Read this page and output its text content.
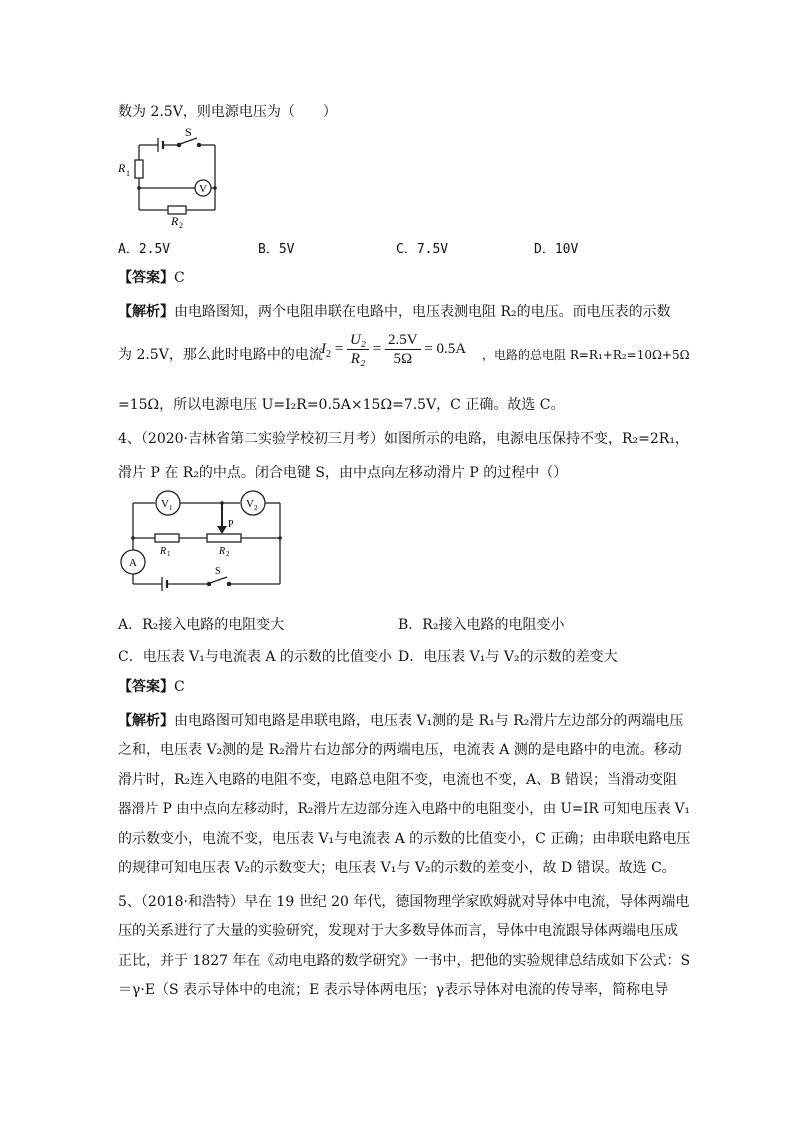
数为 2.5V，则电源电压为（　　）
S
R 1
V
R 2
A．2.5V	B．5V	C．7.5V	D．10V
【答案】C
【解析】由电路图知，两个电阻串联在电路中，电压表测电阻 R₂的电压。而电压表的示数
为 2.5V，那么此时电路中的电流
$I_2 = \frac{\text{U₂}}{\text{R₂}} = \frac{2.5V}{5\Omega} = 0.5A$ ，电路的总电阻 R=R₁+R₂=10Ω+5Ω
=15Ω，所以电源电压 U=I₂R=0.5A×15Ω=7.5V，C 正确。故选 C。
4、（2020·吉林省第二实验学校初三月考）如图所示的电路，电源电压保持不变，R₂=2R₁，
滑片 P 在 R₂的中点。闭合电键 S，由中点向左移动滑片 P 的过程中（）
V 1	V 2
P
R 1	R 2
A
S
A．R₂接入电路的电阻变大	B．R₂接入电路的电阻变小
C．电压表 V₁与电流表 A 的示数的比值变小 D．电压表 V₁与 V₂的示数的差变大
【答案】C
【解析】由电路图可知电路是串联电路，电压表 V₁测的是 R₁与 R₂滑片左边部分的两端电压
之和，电压表 V₂测的是 R₂滑片右边部分的两端电压，电流表 A 测的是电路中的电流。移动
滑片时，R₂连入电路的电阻不变，电路总电阻不变，电流也不变，A、B 错误；当滑动变阻
器滑片 P 由中点向左移动时，R₂滑片左边部分连入电路中的电阻变小，由 U=IR 可知电压表 V₁
的示数变小，电流不变，电压表 V₁与电流表 A 的示数的比值变小，C 正确；由串联电路电压
的规律可知电压表 V₂的示数变大；电压表 V₁与 V₂的示数的差变小，故 D 错误。故选 C。
5、（2018·和浩特）早在 19 世纪 20 年代，德国物理学家欧姆就对导体中电流，导体两端电
压的关系进行了大量的实验研究，发现对于大多数导体而言，导体中电流跟导体两端电压成
正比，并于 1827 年在《动电电路的数学研究》一书中，把他的实验规律总结成如下公式：S
＝γ·E（S 表示导体中的电流；E 表示导体两电压；γ表示导体对电流的传导率，简称电导
